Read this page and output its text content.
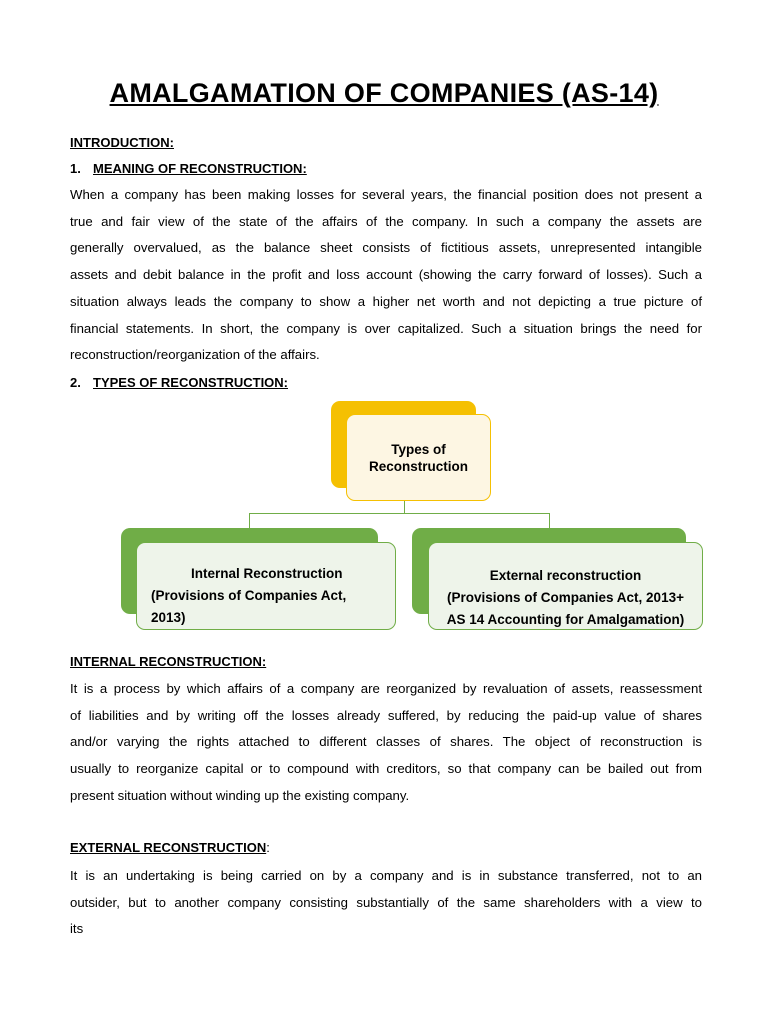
AMALGAMATION OF COMPANIES (AS-14)
INTRODUCTION:
1. MEANING OF RECONSTRUCTION:
When a company has been making losses for several years, the financial position does not present a
true and fair view of the state of the affairs of the company. In such a company the assets are
generally overvalued, as the balance sheet consists of fictitious assets, unrepresented intangible
assets and debit balance in the profit and loss account (showing the carry forward of losses). Such a
situation always leads the company to show a higher net worth and not depicting a true picture of
financial statements. In short, the company is over capitalized. Such a situation brings the need for
reconstruction/reorganization of the affairs.
2. TYPES OF RECONSTRUCTION:
Types of
Reconstruction
Internal Reconstruction
(Provisions of Companies Act,
2013)
External reconstruction
(Provisions of Companies Act, 2013+
AS 14 Accounting for Amalgamation)
INTERNAL RECONSTRUCTION:
It is a process by which affairs of a company are reorganized by revaluation of assets, reassessment
of liabilities and by writing off the losses already suffered, by reducing the paid-up value of shares
and/or varying the rights attached to different classes of shares. The object of reconstruction is
usually to reorganize capital or to compound with creditors, so that company can be bailed out from
present situation without winding up the existing company.
EXTERNAL RECONSTRUCTION:
It is an undertaking is being carried on by a company and is in substance transferred, not to an
outsider, but to another company consisting substantially of the same shareholders with a view to
its
